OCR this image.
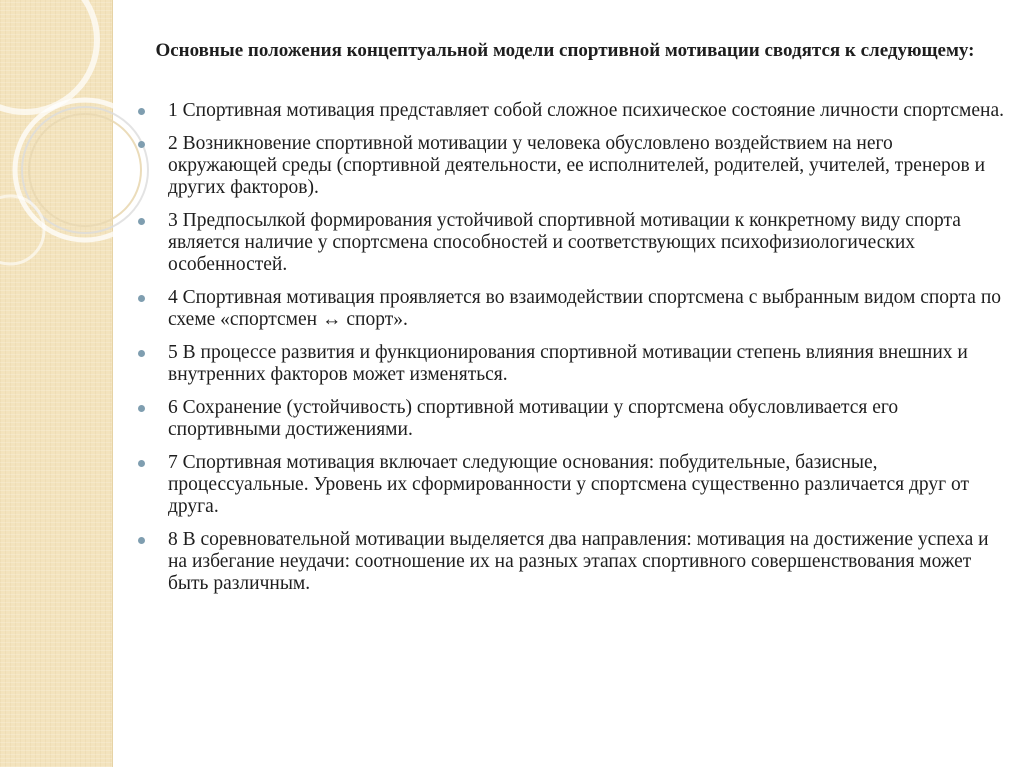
Основные положения концептуальной модели спортивной мотивации сводятся к следующему:
1 Спортивная мотивация представляет собой сложное психическое состояние личности спортсмена.
2 Возникновение спортивной мотивации у человека обусловлено воздействием на него окружающей среды (спортивной деятельности, ее исполнителей, родителей, учителей, тренеров и других факторов).
3 Предпосылкой формирования устойчивой спортивной мотивации к конкретному виду спорта является наличие у спортсмена способностей и соответствующих психофизиологических особенностей.
4 Спортивная мотивация проявляется во взаимодействии спортсмена с выбранным видом спорта по схеме «спортсмен ↔ спорт».
5 В процессе развития и функционирования спортивной мотивации степень влияния внешних и внутренних факторов может изменяться.
6 Сохранение (устойчивость) спортивной мотивации у спортсмена обусловливается его спортивными достижениями.
7 Спортивная мотивация включает следующие основания: побудительные, базисные, процессуальные. Уровень их сформированности у спортсмена существенно различается друг от друга.
8 В соревновательной мотивации выделяется два направления: мотивация на достижение успеха и на избегание неудачи: соотношение их на разных этапах спортивного совершенствования может быть различным.
